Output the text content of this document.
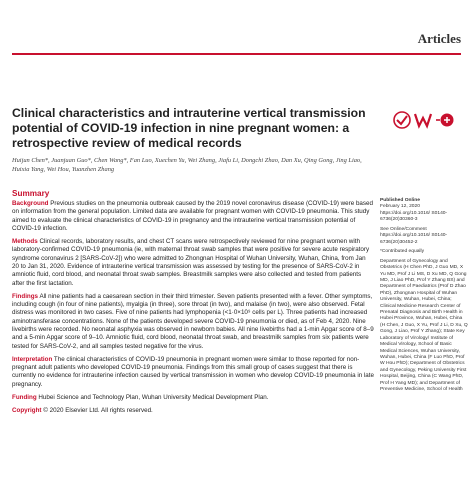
Articles
Clinical characteristics and intrauterine vertical transmission potential of COVID-19 infection in nine pregnant women: a retrospective review of medical records
Huijun Chen*, Juanjuan Guo*, Chen Wang*, Fan Luo, Xuechen Yu, Wei Zhang, Jiafu Li, Dongchi Zhao, Dan Xu, Qing Gong, Jing Liao, Huixia Yang, Wei Hou, Yuanzhen Zhang
Summary

Background Previous studies on the pneumonia outbreak caused by the 2019 novel coronavirus disease (COVID-19) were based on information from the general population. Limited data are available for pregnant women with COVID-19 pneumonia. This study aimed to evaluate the clinical characteristics of COVID-19 in pregnancy and the intrauterine vertical transmission potential of COVID-19 infection.

Methods Clinical records, laboratory results, and chest CT scans were retrospectively reviewed for nine pregnant women with laboratory-confirmed COVID-19 pneumonia (ie, with maternal throat swab samples that were positive for severe acute respiratory syndrome coronavirus 2 [SARS-CoV-2]) who were admitted to Zhongnan Hospital of Wuhan University, Wuhan, China, from Jan 20 to Jan 31, 2020. Evidence of intrauterine vertical transmission was assessed by testing for the presence of SARS-CoV-2 in amniotic fluid, cord blood, and neonatal throat swab samples. Breastmilk samples were also collected and tested from patients after the first lactation.

Findings All nine patients had a caesarean section in their third trimester. Seven patients presented with a fever. Other symptoms, including cough (in four of nine patients), myalgia (in three), sore throat (in two), and malaise (in two), were also observed. Fetal distress was monitored in two cases. Five of nine patients had lymphopenia (<1·0×10⁹ cells per L). Three patients had increased aminotransferase concentrations. None of the patients developed severe COVID-19 pneumonia or died, as of Feb 4, 2020. Nine livebirths were recorded. No neonatal asphyxia was observed in newborn babies. All nine livebirths had a 1-min Apgar score of 8–9 and a 5-min Apgar score of 9–10. Amniotic fluid, cord blood, neonatal throat swab, and breastmilk samples from six patients were tested for SARS-CoV-2, and all samples tested negative for the virus.

Interpretation The clinical characteristics of COVID-19 pneumonia in pregnant women were similar to those reported for non-pregnant adult patients who developed COVID-19 pneumonia. Findings from this small group of cases suggest that there is currently no evidence for intrauterine infection caused by vertical transmission in women who develop COVID-19 pneumonia in late pregnancy.

Funding Hubei Science and Technology Plan, Wuhan University Medical Development Plan.

Copyright © 2020 Elsevier Ltd. All rights reserved.

Published Online
February 12, 2020
https://doi.org/10.1016/ S0140-6736(20)30360-3

See Online/Comment https://doi.org/10.1016/ S0140-6736(20)30452-2

*Contributed equally

Department of Gynecology and Obstetrics (H Chen PhD, J Guo MD, X Yu MD, Prof J Li MS, D Xu MD, Q Gong MD, J Liao PhD, Prof Y Zhang BS) and Department of Paediatrics (Prof D Zhao PhD), Zhongnan Hospital of Wuhan University, Wuhan, Hubei, China; Clinical Medicine Research Center of Prenatal Diagnosis and Birth Health in Hubei Province, Wuhan, Hubei, China (H Chen, J Guo, X Yu, Prof J Li, D Xu, Q Gong, J Liao, Prof Y Zhang); State Key Laboratory of Virology/ Institute of Medical Virology, School of Basic Medical Sciences, Wuhan University, Wuhan, Hubei, China (F Luo PhD, Prof W Hou PhD); Department of Obstetrics and Gynecology, Peking University First Hospital, Beijing, China (C Wang PhD, Prof H Yang MD); and Department of Preventive Medicine, School of Health
